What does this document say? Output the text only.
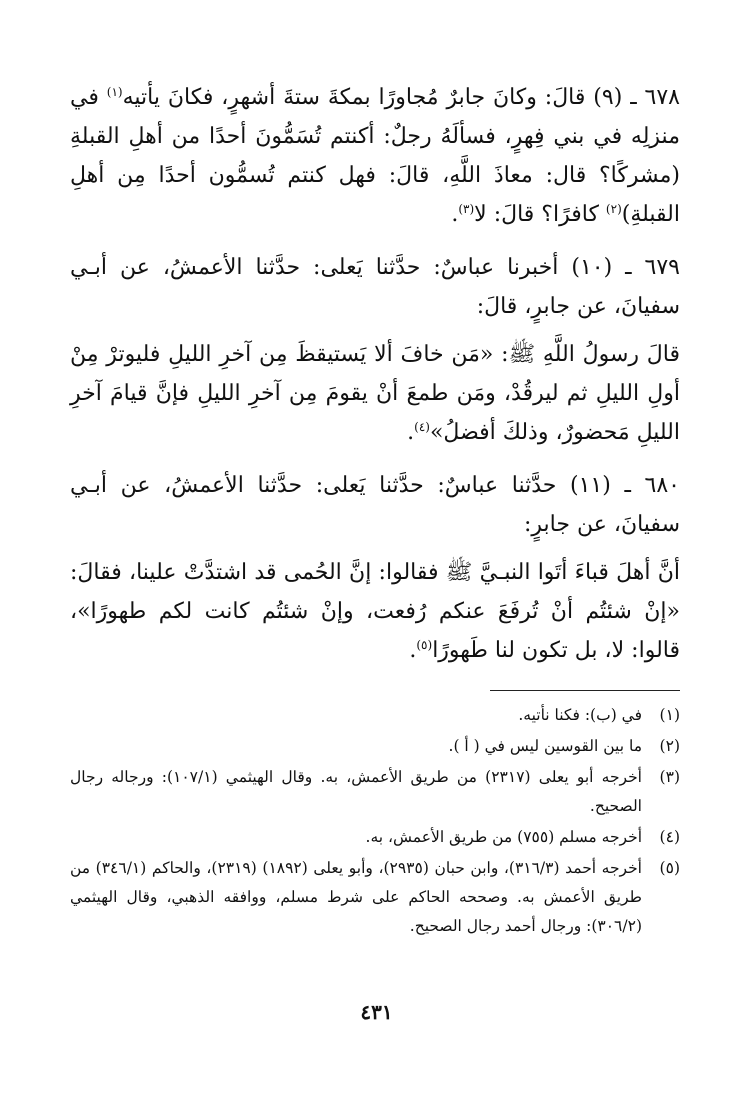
٦٧٨ ـ (٩) قالَ: وكانَ جابرٌ مُجاورًا بمكةَ ستةَ أشهرٍ، فكانَ يأتيه$^{(١)}$ في منزلِه في بني فِهرٍ، فسألَهُ رجلٌ: أكنتم تُسَمُّونَ أحدًا من أهلِ القبلةِ (مشركًا؟ قال: معاذَ اللَّهِ، قالَ: فهل كنتم تُسمُّون أحدًا مِن أهلِ القبلةِ)$^{(٢)}$ كافرًا؟ قالَ: لا$^{(٣)}$.

٦٧٩ ـ (١٠) أخبرنا عباسٌ: حدَّثنا يَعلى: حدَّثنا الأعمشُ، عن أبـي سفيانَ، عن جابرٍ، قالَ:

قالَ رسولُ اللَّهِ ﷺ: «مَن خافَ ألا يَستيقظَ مِن آخرِ الليلِ فليوترْ مِنْ أولِ الليلِ ثم ليرقُدْ، ومَن طمعَ أنْ يقومَ مِن آخرِ الليلِ فإنَّ قيامَ آخرِ الليلِ مَحضورٌ، وذلكَ أفضلُ»$^{(٤)}$.

٦٨٠ ـ (١١) حدَّثنا عباسٌ: حدَّثنا يَعلى: حدَّثنا الأعمشُ، عن أبـي سفيانَ، عن جابرٍ:

أنَّ أهلَ قباءَ أتَوا النبـيَّ ﷺ فقالوا: إنَّ الحُمى قد اشتدَّتْ علينا، فقالَ: «إنْ شئتُم أنْ تُرفَعَ عنكم رُفعت، وإنْ شئتُم كانت لكم طهورًا»، قالوا: لا، بل تكون لنا طَهورًا$^{(٥)}$.

(١)
في (ب): فكنا نأتيه.
(٢)
ما بين القوسين ليس في ( أ ).
(٣)
أخرجه أبو يعلى (٢٣١٧) من طريق الأعمش، به. وقال الهيثمي (١٠٧/١): ورجاله رجال الصحيح.
(٤)
أخرجه مسلم (٧٥٥) من طريق الأعمش، به.
(٥)
أخرجه أحمد (٣١٦/٣)، وابن حبان (٢٩٣٥)، وأبو يعلى (١٨٩٢) (٢٣١٩)، والحاكم (٣٤٦/١) من طريق الأعمش به. وصححه الحاكم على شرط مسلم، ووافقه الذهبي، وقال الهيثمي (٣٠٦/٢): ورجال أحمد رجال الصحيح.
٤٣١
